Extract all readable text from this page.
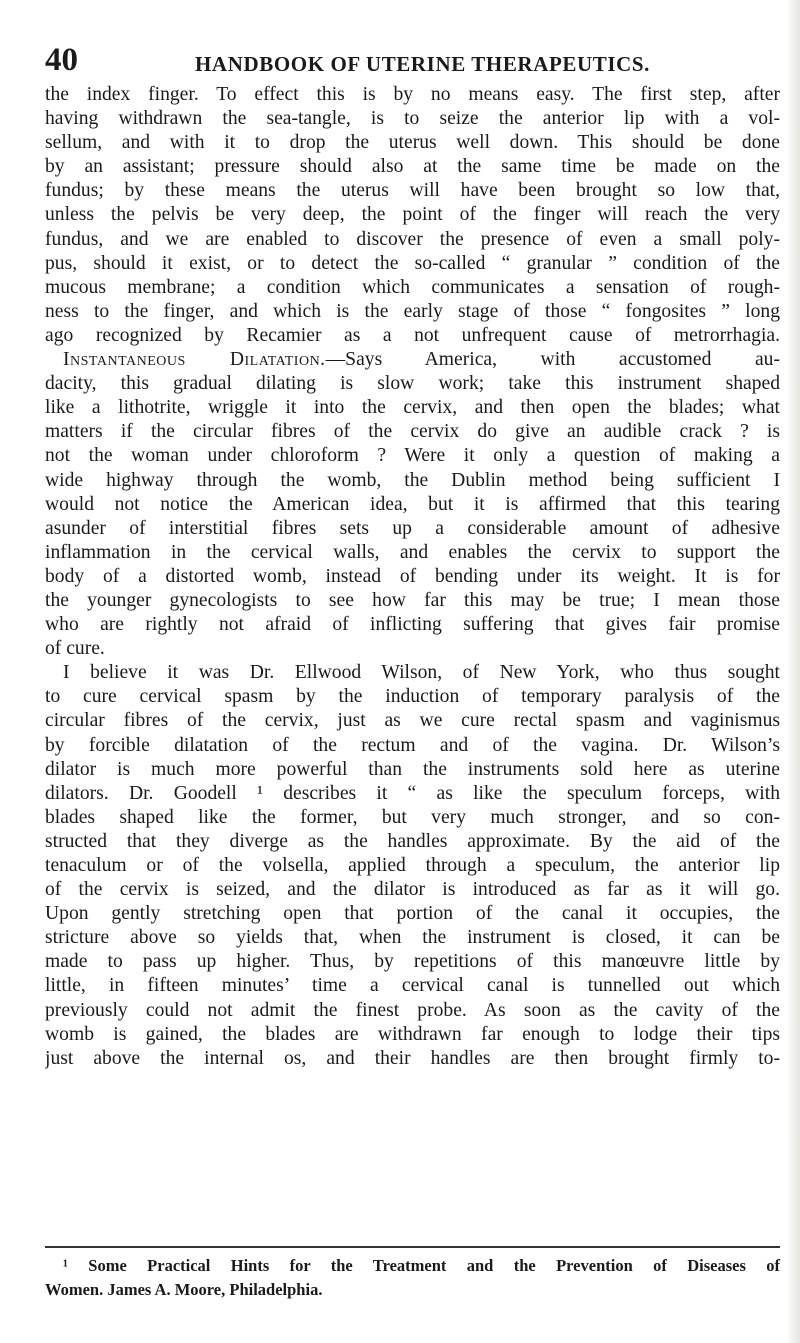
40	HANDBOOK OF UTERINE THERAPEUTICS.
the index finger. To effect this is by no means easy. The first step, after
having withdrawn the sea-tangle, is to seize the anterior lip with a vol-
sellum, and with it to drop the uterus well down. This should be done
by an assistant; pressure should also at the same time be made on the
fundus; by these means the uterus will have been brought so low that,
unless the pelvis be very deep, the point of the finger will reach the very
fundus, and we are enabled to discover the presence of even a small poly-
pus, should it exist, or to detect the so-called “ granular ” condition of the
mucous membrane; a condition which communicates a sensation of rough-
ness to the finger, and which is the early stage of those “ fongosites ” long
ago recognized by Recamier as a not unfrequent cause of metrorrhagia.
Instantaneous Dilatation.—Says America, with accustomed au-
dacity, this gradual dilating is slow work; take this instrument shaped
like a lithotrite, wriggle it into the cervix, and then open the blades; what
matters if the circular fibres of the cervix do give an audible crack ? is
not the woman under chloroform ? Were it only a question of making a
wide highway through the womb, the Dublin method being sufficient I
would not notice the American idea, but it is affirmed that this tearing
asunder of interstitial fibres sets up a considerable amount of adhesive
inflammation in the cervical walls, and enables the cervix to support the
body of a distorted womb, instead of bending under its weight. It is for
the younger gynecologists to see how far this may be true; I mean those
who are rightly not afraid of inflicting suffering that gives fair promise
of cure.
I believe it was Dr. Ellwood Wilson, of New York, who thus sought
to cure cervical spasm by the induction of temporary paralysis of the
circular fibres of the cervix, just as we cure rectal spasm and vaginismus
by forcible dilatation of the rectum and of the vagina. Dr. Wilson’s
dilator is much more powerful than the instruments sold here as uterine
dilators. Dr. Goodell ¹ describes it “ as like the speculum forceps, with
blades shaped like the former, but very much stronger, and so con-
structed that they diverge as the handles approximate. By the aid of the
tenaculum or of the volsella, applied through a speculum, the anterior lip
of the cervix is seized, and the dilator is introduced as far as it will go.
Upon gently stretching open that portion of the canal it occupies, the
stricture above so yields that, when the instrument is closed, it can be
made to pass up higher. Thus, by repetitions of this manœuvre little by
little, in fifteen minutes’ time a cervical canal is tunnelled out which
previously could not admit the finest probe. As soon as the cavity of the
womb is gained, the blades are withdrawn far enough to lodge their tips
just above the internal os, and their handles are then brought firmly to-
¹ Some Practical Hints for the Treatment and the Prevention of Diseases of
Women. James A. Moore, Philadelphia.
